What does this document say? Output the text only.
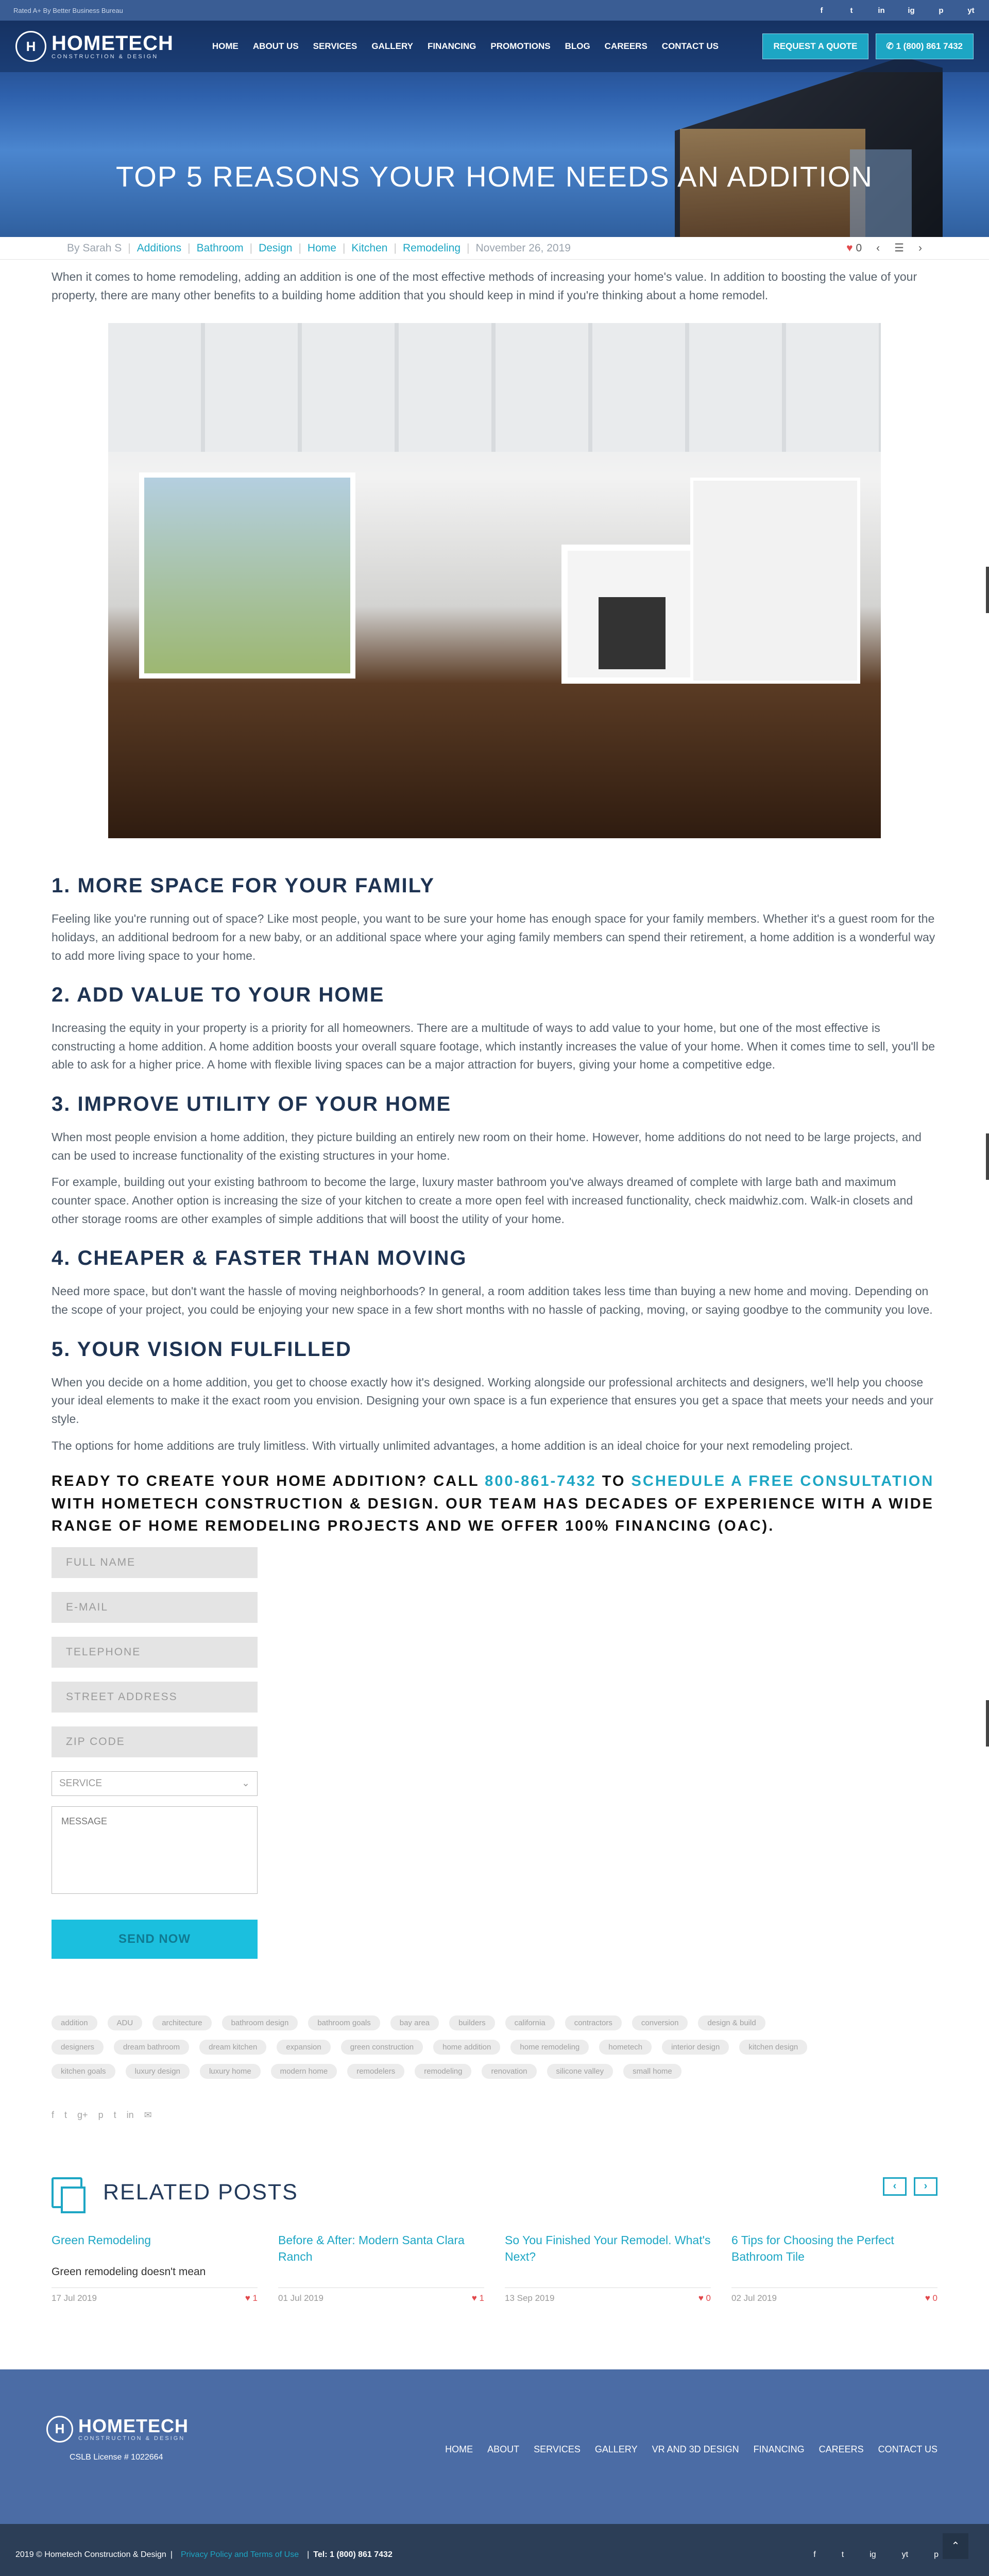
Rated A+ By Better Business Bureau	f	t	in	ig	p	yt
H HOMETECH
CONSTRUCTION & DESIGN
HOME ABOUT US SERVICES GALLERY FINANCING PROMOTIONS BLOG CAREERS CONTACT US	REQUEST A QUOTE	✆ 1 (800) 861 7432
TOP 5 REASONS YOUR HOME NEEDS AN ADDITION
By Sarah S | Additions | Bathroom | Design | Home | Kitchen | Remodeling | November 26, 2019	♥ 0 ‹ ☰ ›

When it comes to home remodeling, adding an addition is one of the most effective methods of increasing your home's value. In addition to boosting the value of your property, there are many other benefits to a building home addition that you should keep in mind if you're thinking about a home remodel.

1. MORE SPACE FOR YOUR FAMILY

Feeling like you're running out of space? Like most people, you want to be sure your home has enough space for your family members. Whether it's a guest room for the holidays, an additional bedroom for a new baby, or an additional space where your aging family members can spend their retirement, a home addition is a wonderful way to add more living space to your home.

2. ADD VALUE TO YOUR HOME

Increasing the equity in your property is a priority for all homeowners. There are a multitude of ways to add value to your home, but one of the most effective is constructing a home addition. A home addition boosts your overall square footage, which instantly increases the value of your home. When it comes time to sell, you'll be able to ask for a higher price. A home with flexible living spaces can be a major attraction for buyers, giving your home a competitive edge.

3. IMPROVE UTILITY OF YOUR HOME

When most people envision a home addition, they picture building an entirely new room on their home. However, home additions do not need to be large projects, and can be used to increase functionality of the existing structures in your home.

For example, building out your existing bathroom to become the large, luxury master bathroom you've always dreamed of complete with large bath and maximum counter space. Another option is increasing the size of your kitchen to create a more open feel with increased functionality, check maidwhiz.com. Walk-in closets and other storage rooms are other examples of simple additions that will boost the utility of your home.

4. CHEAPER & FASTER THAN MOVING

Need more space, but don't want the hassle of moving neighborhoods? In general, a room addition takes less time than buying a new home and moving. Depending on the scope of your project, you could be enjoying your new space in a few short months with no hassle of packing, moving, or saying goodbye to the community you love.

5. YOUR VISION FULFILLED

When you decide on a home addition, you get to choose exactly how it's designed. Working alongside our professional architects and designers, we'll help you choose your ideal elements to make it the exact room you envision. Designing your own space is a fun experience that ensures you get a space that meets your needs and your style.

The options for home additions are truly limitless. With virtually unlimited advantages, a home addition is an ideal choice for your next remodeling project.

READY TO CREATE YOUR HOME ADDITION? CALL 800-861-7432 TO SCHEDULE A FREE CONSULTATION WITH HOMETECH CONSTRUCTION & DESIGN. OUR TEAM HAS DECADES OF EXPERIENCE WITH A WIDE RANGE OF HOME REMODELING PROJECTS AND WE OFFER 100% FINANCING (OAC).
FULL NAME
E-MAIL
TELEPHONE
STREET ADDRESS
ZIP CODE
SERVICE	⌄
MESSAGE
SEND NOW
addition	ADU	architecture	bathroom design	bathroom goals	bay area	builders	california	contractors	conversion	design & build
designers	dream bathroom	dream kitchen	expansion	green construction	home addition	home remodeling	hometech	interior design	kitchen design
kitchen goals	luxury design	luxury home	modern home	remodelers	remodeling	renovation	silicone valley	small home
f t g+ p t in ✉
RELATED POSTS	‹	›
Green Remodeling
Green remodeling doesn't mean
17 Jul 2019	♥ 1
Before & After: Modern Santa Clara Ranch
01 Jul 2019	♥ 1
So You Finished Your Remodel. What's Next?
13 Sep 2019	♥ 0
6 Tips for Choosing the Perfect Bathroom Tile
02 Jul 2019	♥ 0
H HOMETECH
CONSTRUCTION & DESIGN
CSLB License # 1022664
HOME ABOUT SERVICES GALLERY VR AND 3D DESIGN FINANCING CAREERS CONTACT US
⌃
2019 © Hometech Construction & Design | Privacy Policy and Terms of Use | Tel: 1 (800) 861 7432	f	t	ig	yt	p
